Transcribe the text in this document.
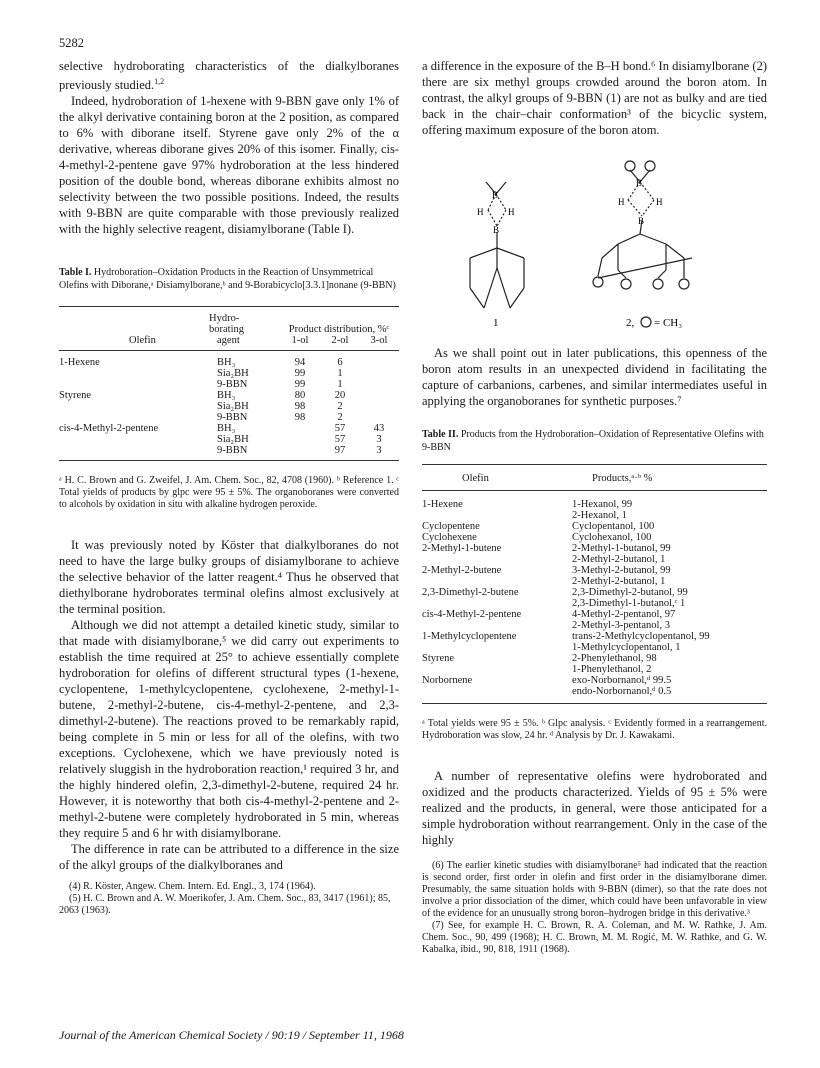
5282

selective hydroborating characteristics of the dialkylboranes previously studied.$^{1,2}$

Indeed, hydroboration of 1-hexene with 9-BBN gave only 1% of the alkyl derivative containing boron at the 2 position, as compared to 6% with diborane itself. Styrene gave only 2% of the α derivative, whereas diborane gives 20% of this isomer. Finally, cis-4-methyl-2-pentene gave 97% hydroboration at the less hindered position of the double bond, whereas diborane exhibits almost no selectivity between the two possible positions. Indeed, the results with 9-BBN are quite comparable with those previously realized with the highly selective reagent, disiamylborane (Table I).

Table I. Hydroboration–Oxidation Products in the Reaction of Unsymmetrical Olefins with Diborane,ᵃ Disiamylborane,ᵇ and 9-Borabicyclo[3.3.1]nonane (9-BBN)

	Hydro-			
	borating	Product distribution, %ᶜ		
Olefin	agent	1-ol	2-ol	3-ol
1-Hexene	BH₃	94	6	
	Sia₂BH	99	1	
	9-BBN	99	1	
Styrene	BH₃	80	20	
	Sia₂BH	98	2	
	9-BBN	98	2	
cis-4-Methyl-2-pentene	BH₃		57	43
	Sia₂BH		57	3
	9-BBN		97	3

ᵃ H. C. Brown and G. Zweifel, J. Am. Chem. Soc., 82, 4708 (1960). ᵇ Reference 1. ᶜ Total yields of products by glpc were 95 ± 5%. The organoboranes were converted to alcohols by oxidation in situ with alkaline hydrogen peroxide.

It was previously noted by Köster that dialkylboranes do not need to have the large bulky groups of disiamylborane to achieve the selective behavior of the latter reagent.⁴ Thus he observed that diethylborane hydroborates terminal olefins almost exclusively at the terminal position.

Although we did not attempt a detailed kinetic study, similar to that made with disiamylborane,⁵ we did carry out experiments to establish the time required at 25° to achieve essentially complete hydroboration for olefins of different structural types (1-hexene, cyclopentene, 1-methylcyclopentene, cyclohexene, 2-methyl-1-butene, 2-methyl-2-butene, cis-4-methyl-2-pentene, and 2,3-dimethyl-2-butene). The reactions proved to be remarkably rapid, being complete in 5 min or less for all of the olefins, with two exceptions. Cyclohexene, which we have previously noted is relatively sluggish in the hydroboration reaction,¹ required 3 hr, and the highly hindered olefin, 2,3-dimethyl-2-butene, required 24 hr. However, it is noteworthy that both cis-4-methyl-2-pentene and 2-methyl-2-butene were completely hydroborated in 5 min, whereas they require 5 and 6 hr with disiamylborane.

The difference in rate can be attributed to a difference in the size of the alkyl groups of the dialkylboranes and

(4) R. Köster, Angew. Chem. Intern. Ed. Engl., 3, 174 (1964).
(5) H. C. Brown and A. W. Moerikofer, J. Am. Chem. Soc., 83, 3417 (1961); 85, 2063 (1963).

a difference in the exposure of the B–H bond.⁶ In disiamylborane (2) there are six methyl groups crowded around the boron atom. In contrast, the alkyl groups of 9-BBN (1) are not as bulky and are tied back in the chair–chair conformation³ of the bicyclic system, offering maximum exposure of the boron atom.

B
H	H
B
1
B
H	H
B
2, = CH₃

As we shall point out in later publications, this openness of the boron atom results in an unexpected dividend in facilitating the capture of carbanions, carbenes, and similar intermediates useful in applying the organoboranes for synthetic purposes.⁷

Table II. Products from the Hydroboration–Oxidation of Representative Olefins with 9-BBN

Olefin	Products,ᵃ·ᵇ %
1-Hexene	1-Hexanol, 99
2-Hexanol, 1

Cyclopentene	Cyclopentanol, 100

Cyclohexene	Cyclohexanol, 100

2-Methyl-1-butene	2-Methyl-1-butanol, 99
2-Methyl-2-butanol, 1

2-Methyl-2-butene	3-Methyl-2-butanol, 99
2-Methyl-2-butanol, 1

2,3-Dimethyl-2-butene	2,3-Dimethyl-2-butanol, 99
2,3-Dimethyl-1-butanol,ᶜ 1

cis-4-Methyl-2-pentene	4-Methyl-2-pentanol, 97
2-Methyl-3-pentanol, 3

1-Methylcyclopentene	trans-2-Methylcyclopentanol, 99
1-Methylcyclopentanol, 1

Styrene	2-Phenylethanol, 98
1-Phenylethanol, 2

Norbornene	exo-Norbornanol,ᵈ 99.5
endo-Norbornanol,ᵈ 0.5

ᵃ Total yields were 95 ± 5%. ᵇ Glpc analysis. ᶜ Evidently formed in a rearrangement. Hydroboration was slow, 24 hr. ᵈ Analysis by Dr. J. Kawakami.

A number of representative olefins were hydroborated and oxidized and the products characterized. Yields of 95 ± 5% were realized and the products, in general, were those anticipated for a simple hydroboration without rearrangement. Only in the case of the highly

(6) The earlier kinetic studies with disiamylborane⁵ had indicated that the reaction is second order, first order in olefin and first order in the disiamylborane dimer. Presumably, the same situation holds with 9-BBN (dimer), so that the rate does not involve a prior dissociation of the dimer, which could have been unfavorable in view of the evidence for an unusually strong boron–hydrogen bridge in this derivative.³
(7) See, for example H. C. Brown, R. A. Coleman, and M. W. Rathke, J. Am. Chem. Soc., 90, 499 (1968); H. C. Brown, M. M. Rogić, M. W. Rathke, and G. W. Kabalka, ibid., 90, 818, 1911 (1968).
Journal of the American Chemical Society / 90:19 / September 11, 1968
